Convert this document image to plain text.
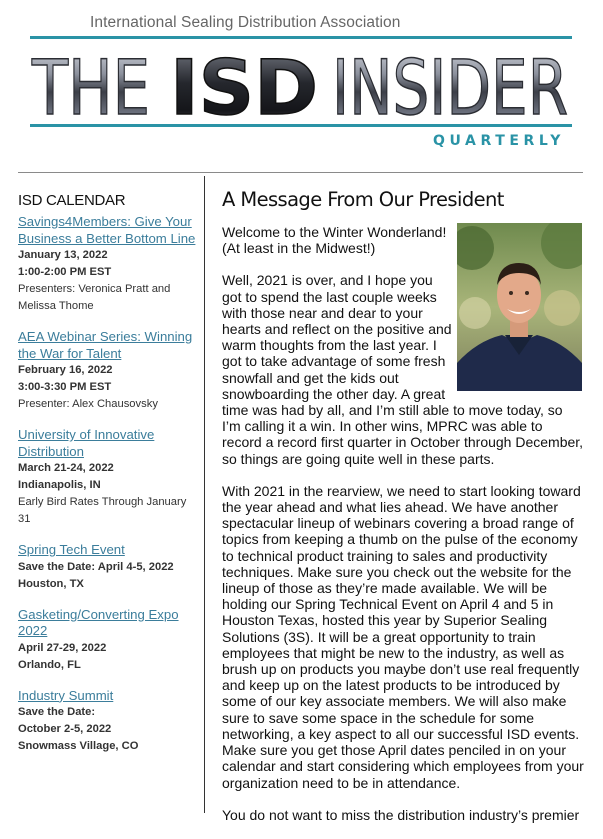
International Sealing Distribution Association
THE ISD INSIDER
QUARTERLY
ISD CALENDAR
Savings4Members: Give Your Business a Better Bottom Line
January 13, 2022
1:00-2:00 PM EST
Presenters: Veronica Pratt and Melissa Thome
AEA Webinar Series: Winning the War for Talent
February 16, 2022
3:00-3:30 PM EST
Presenter: Alex Chausovsky
University of Innovative Distribution
March 21-24, 2022
Indianapolis, IN
Early Bird Rates Through January 31
Spring Tech Event
Save the Date: April 4-5, 2022
Houston, TX
Gasketing/Converting Expo 2022
April 27-29, 2022
Orlando, FL
Industry Summit
Save the Date:
October 2-5, 2022
Snowmass Village, CO
A Message From Our President

Welcome to the Winter Wonderland! (At least in the Midwest!)

Well, 2021 is over, and I hope you got to spend the last couple weeks with those near and dear to your hearts and reflect on the positive and warm thoughts from the last year. I got to take advantage of some fresh snowfall and get the kids out snowboarding the other day. A great time was had by all, and I’m still able to move today, so I’m calling it a win. In other wins, MPRC was able to record a record first quarter in October through December, so things are going quite well in these parts.

With 2021 in the rearview, we need to start looking toward the year ahead and what lies ahead. We have another spectacular lineup of webinars covering a broad range of topics from keeping a thumb on the pulse of the economy to technical product training to sales and productivity techniques. Make sure you check out the website for the lineup of those as they’re made available. We will be holding our Spring Technical Event on April 4 and 5 in Houston Texas, hosted this year by Superior Sealing Solutions (3S). It will be a great opportunity to train employees that might be new to the industry, as well as brush up on products you maybe don’t use real frequently and keep up on the latest products to be introduced by some of our key associate members. We will also make sure to save some space in the schedule for some networking, a key aspect to all our successful ISD events. Make sure you get those April dates penciled in on your calendar and start considering which employees from your organization need to be in attendance.

You do not want to miss the distribution industry’s premier
